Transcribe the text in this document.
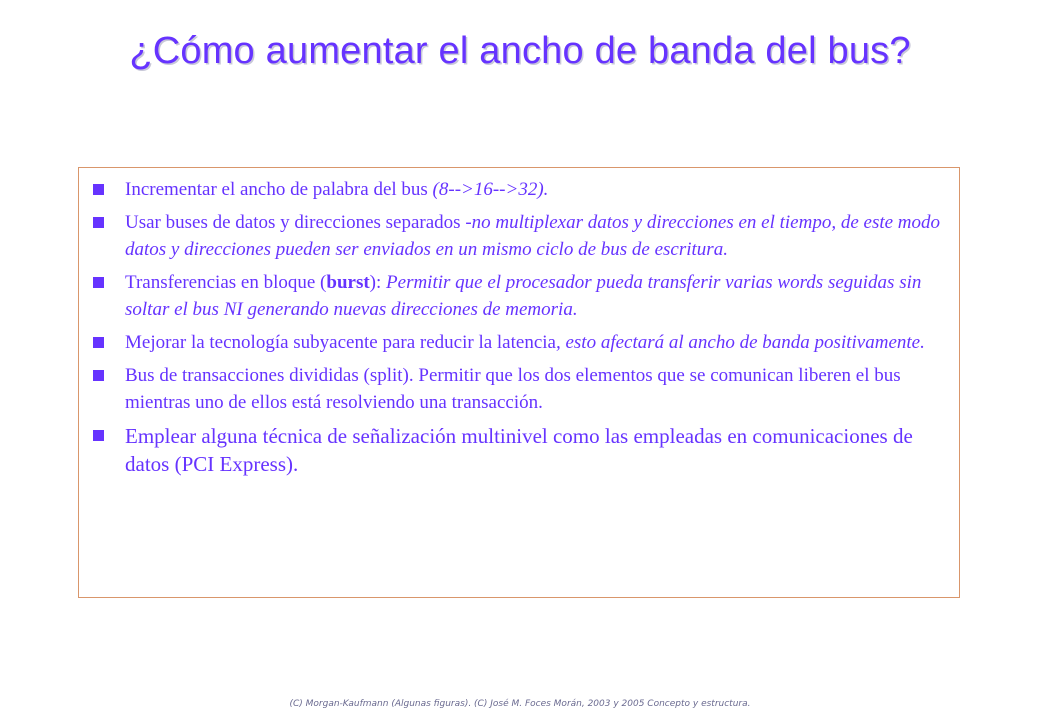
¿Cómo aumentar el ancho de banda del bus?
Incrementar el ancho de palabra del bus (8-->16-->32).
Usar buses de datos y direcciones separados -no multiplexar datos y direcciones en el tiempo, de este modo datos y direcciones pueden ser enviados en un mismo ciclo de bus de escritura.
Transferencias en bloque (burst): Permitir que el procesador pueda transferir varias words seguidas sin soltar el bus NI generando nuevas direcciones de memoria.
Mejorar la tecnología subyacente para reducir la latencia, esto afectará al ancho de banda positivamente.
Bus de transacciones divididas (split). Permitir que los dos elementos que se comunican liberen el bus mientras uno de ellos está resolviendo una transacción.
Emplear alguna técnica de señalización multinivel como las empleadas en comunicaciones de datos (PCI Express).

(C) Morgan-Kaufmann (Algunas figuras). (C) José M. Foces Morán, 2003 y 2005 Concepto y estructura.
